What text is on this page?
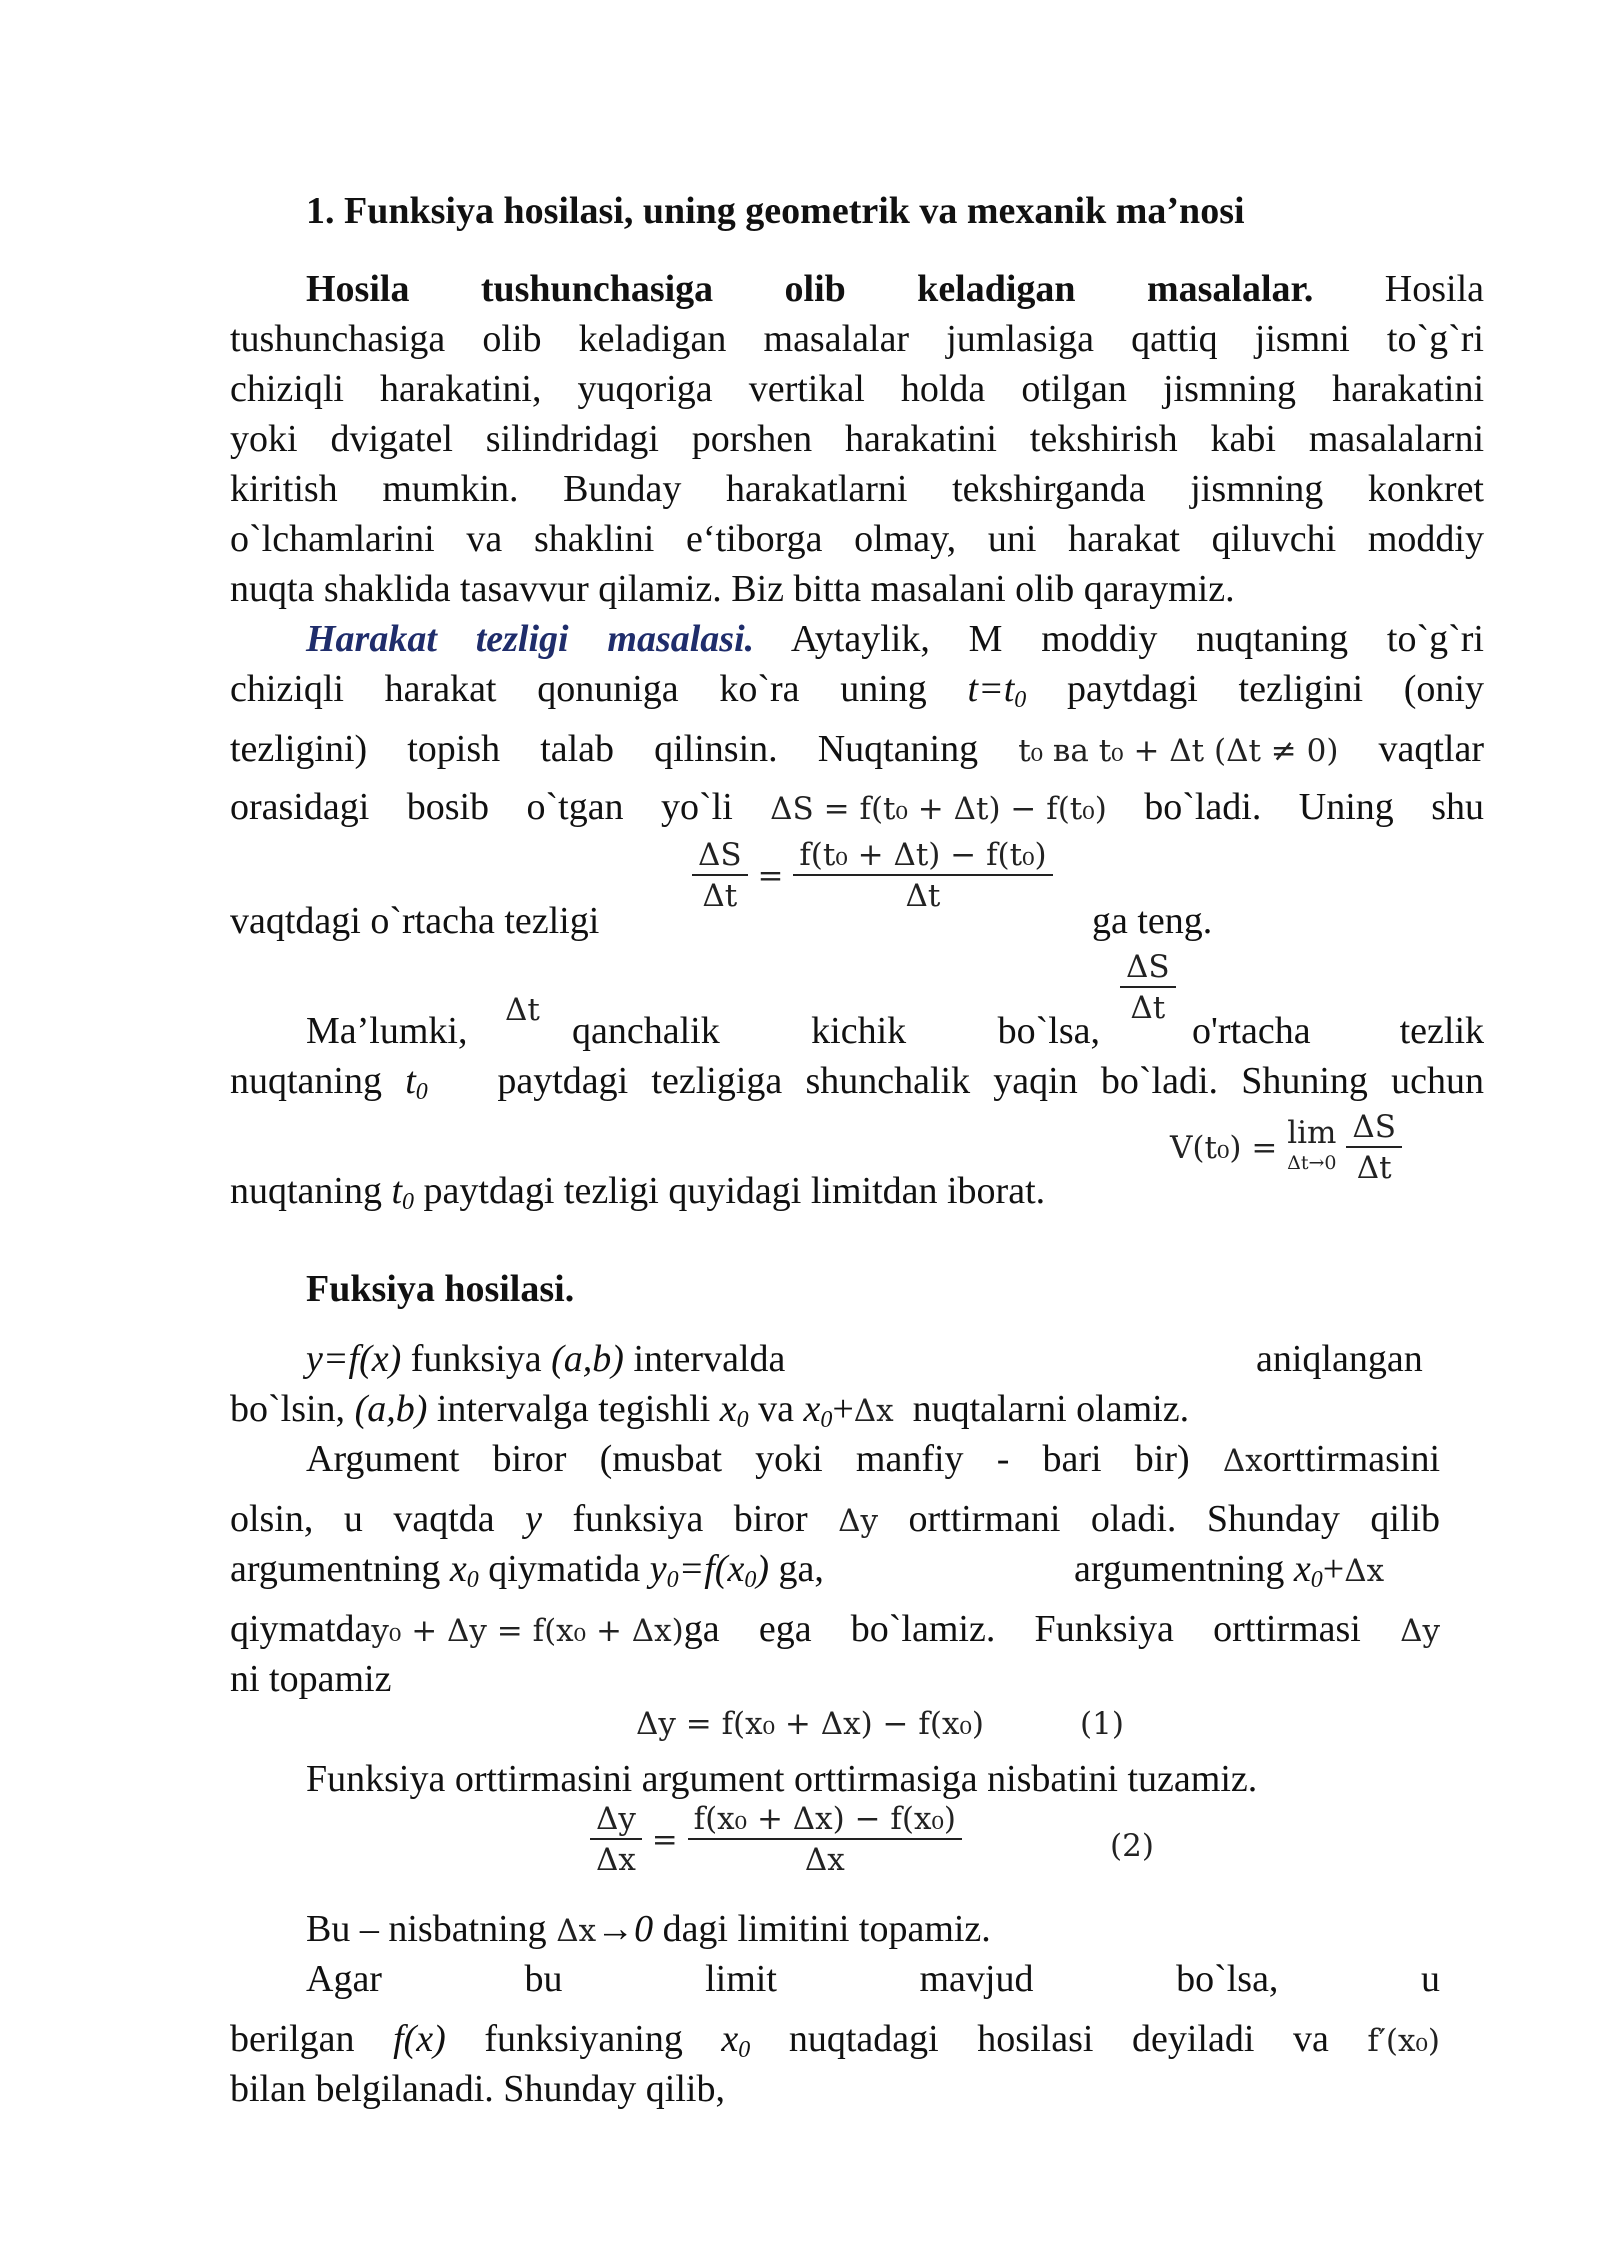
1. Funksiya hosilasi, uning geometrik va mexanik ma’nosi
Hosila tushunchasiga olib keladigan masalalar. Hosila
tushunchasiga olib keladigan masalalar jumlasiga qattiq jismni to`g`ri
chiziqli harakatini, yuqoriga vertikal holda otilgan jismning harakatini
yoki dvigatel silindridagi porshen harakatini tekshirish kabi masalalarni
kiritish mumkin. Bunday harakatlarni tekshirganda jismning konkret
o`lchamlarini va shaklini e‘tiborga olmay, uni harakat qiluvchi moddiy
nuqta shaklida tasavvur qilamiz. Biz bitta masalani olib qaraymiz.
Harakat tezligi masalasi. Aytaylik, M moddiy nuqtaning to`g`ri
chiziqli harakat qonuniga ko`ra uning $t=t_0$ paytdagi tezligini (oniy
tezligini) topish talab qilinsin. Nuqtaning t₀ ва t₀ + Δt (Δt ≠ 0) vaqtlar
orasidagi bosib o`tgan yo`li ΔS = f(t₀ + Δt) − f(t₀) bo`ladi. Uning shu
vaqtdagi o`rtacha tezligi
$\frac{\Delta S}{\Delta t} = \frac{\text{f(t₀ + Δt) − f(t₀)}}{\Delta t}$
ga teng.
Ma’lumki, Δt qanchalik kichik bo`lsa,
$\frac{\Delta S}{\Delta t}$
o'rtacha tezlik
nuqtaning $t_0$ paytdagi tezligiga shunchalik yaqin bo`ladi. Shuning uchun
nuqtaning $t_0$ paytdagi tezligi quyidagi limitdan iborat.
V(t₀) = lim
Δt→0
$\frac{\Delta S}{\Delta t}$
Fuksiya hosilasi.
y=f(x) funksiya (a,b) intervalda	aniqlangan
bo`lsin, (a,b) intervalga tegishli $x_0$ va $x_0+\Delta x$ nuqtalarni olamiz.
Argument biror (musbat yoki manfiy - bari bir) Δxorttirmasini
olsin, u vaqtda y funksiya biror Δy orttirmani oladi. Shunday qilib
argumentning $x_0$ qiymatida $y_0=f(x_0)$ ga,	argumentning $x_0+\Delta x$
qiymatday₀ + Δy = f(x₀ + Δx)ga ega bo`lamiz. Funksiya orttirmasi Δy
ni topamiz
Δy = f(x₀ + Δx) − f(x₀)	(1)
Funksiya orttirmasini argument orttirmasiga nisbatini tuzamiz.
$\frac{\Delta y}{\Delta x} = \frac{\text{f(x₀ + Δx) − f(x₀)}}{\Delta x}$	(2)
Bu – nisbatning Δx→0 dagi limitini topamiz.
Agar	bu	limit	mavjud	bo`lsa,	u
berilgan f(x) funksiyaning $x_0$ nuqtadagi hosilasi deyiladi va f′(x₀)
bilan belgilanadi. Shunday qilib,
